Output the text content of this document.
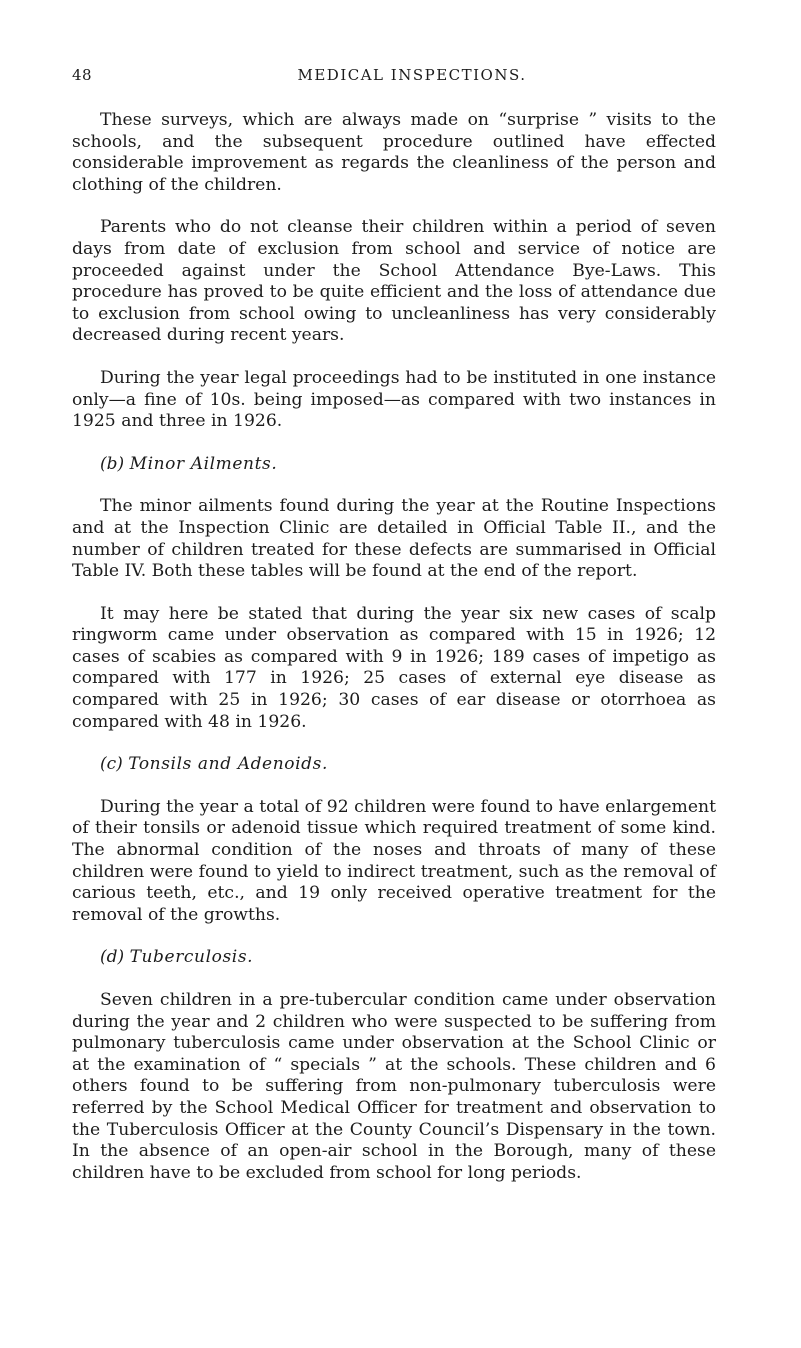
48	MEDICAL INSPECTIONS.

These surveys, which are always made on “surprise ” visits to the schools, and the subsequent procedure outlined have effected considerable improvement as regards the cleanliness of the person and clothing of the children.

Parents who do not cleanse their children within a period of seven days from date of exclusion from school and service of notice are proceeded against under the School Attendance Bye-Laws. This procedure has proved to be quite efficient and the loss of attendance due to exclusion from school owing to uncleanliness has very considerably decreased during recent years.

During the year legal proceedings had to be instituted in one instance only—a fine of 10s. being imposed—as compared with two instances in 1925 and three in 1926.

(b) Minor Ailments.

The minor ailments found during the year at the Routine Inspections and at the Inspection Clinic are detailed in Official Table II., and the number of children treated for these defects are summarised in Official Table IV. Both these tables will be found at the end of the report.

It may here be stated that during the year six new cases of scalp ringworm came under observation as compared with 15 in 1926; 12 cases of scabies as compared with 9 in 1926; 189 cases of impetigo as compared with 177 in 1926; 25 cases of external eye disease as compared with 25 in 1926; 30 cases of ear disease or otorrhoea as compared with 48 in 1926.

(c) Tonsils and Adenoids.

During the year a total of 92 children were found to have enlargement of their tonsils or adenoid tissue which required treatment of some kind. The abnormal condition of the noses and throats of many of these children were found to yield to indirect treatment, such as the removal of carious teeth, etc., and 19 only received operative treatment for the removal of the growths.

(d) Tuberculosis.

Seven children in a pre-tubercular condition came under observation during the year and 2 children who were suspected to be suffering from pulmonary tuberculosis came under observation at the School Clinic or at the examination of “ specials ” at the schools. These children and 6 others found to be suffering from non-pulmonary tuberculosis were referred by the School Medical Officer for treatment and observation to the Tuberculosis Officer at the County Council’s Dispensary in the town. In the absence of an open-air school in the Borough, many of these children have to be excluded from school for long periods.
